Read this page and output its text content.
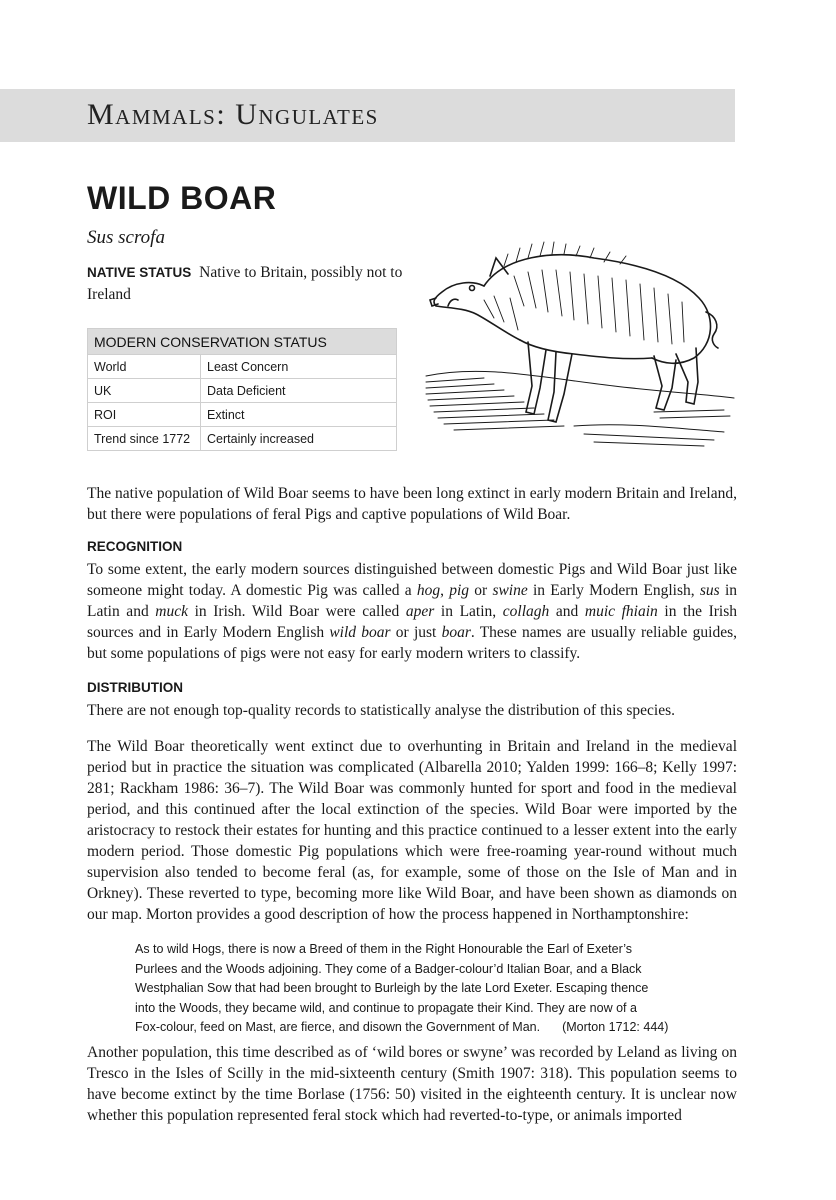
Mammals: Ungulates
WILD BOAR
Sus scrofa
NATIVE STATUS Native to Britain, possibly not to Ireland
MODERN CONSERVATION STATUS	
World	Least Concern
UK	Data Deficient
ROI	Extinct
Trend since 1772	Certainly increased

The native population of Wild Boar seems to have been long extinct in early modern Britain and Ireland, but there were populations of feral Pigs and captive populations of Wild Boar.

RECOGNITION

To some extent, the early modern sources distinguished between domestic Pigs and Wild Boar just like someone might today. A domestic Pig was called a hog, pig or swine in Early Modern English, sus in Latin and muck in Irish. Wild Boar were called aper in Latin, collagh and muic fhiain in the Irish sources and in Early Modern English wild boar or just boar. These names are usually reliable guides, but some populations of pigs were not easy for early modern writers to classify.

DISTRIBUTION

There are not enough top-quality records to statistically analyse the distribution of this species.

The Wild Boar theoretically went extinct due to overhunting in Britain and Ireland in the medieval period but in practice the situation was complicated (Albarella 2010; Yalden 1999: 166–8; Kelly 1997: 281; Rackham 1986: 36–7). The Wild Boar was commonly hunted for sport and food in the medieval period, and this continued after the local extinction of the species. Wild Boar were imported by the aristocracy to restock their estates for hunting and this practice continued to a lesser extent into the early modern period. Those domestic Pig populations which were free-roaming year-round without much supervision also tended to become feral (as, for example, some of those on the Isle of Man and in Orkney). These reverted to type, becoming more like Wild Boar, and have been shown as diamonds on our map. Morton provides a good description of how the process happened in Northamptonshire:

As to wild Hogs, there is now a Breed of them in the Right Honourable the Earl of Exeter’s
Purlees and the Woods adjoining. They come of a Badger-colour’d Italian Boar, and a Black
Westphalian Sow that had been brought to Burleigh by the late Lord Exeter. Escaping thence
into the Woods, they became wild, and continue to propagate their Kind. They are now of a
Fox-colour, feed on Mast, are fierce, and disown the Government of Man. (Morton 1712: 444)

Another population, this time described as of ‘wild bores or swyne’ was recorded by Leland as living on Tresco in the Isles of Scilly in the mid-sixteenth century (Smith 1907: 318). This population seems to have become extinct by the time Borlase (1756: 50) visited in the eighteenth century. It is unclear now whether this population represented feral stock which had reverted-to-type, or animals imported
